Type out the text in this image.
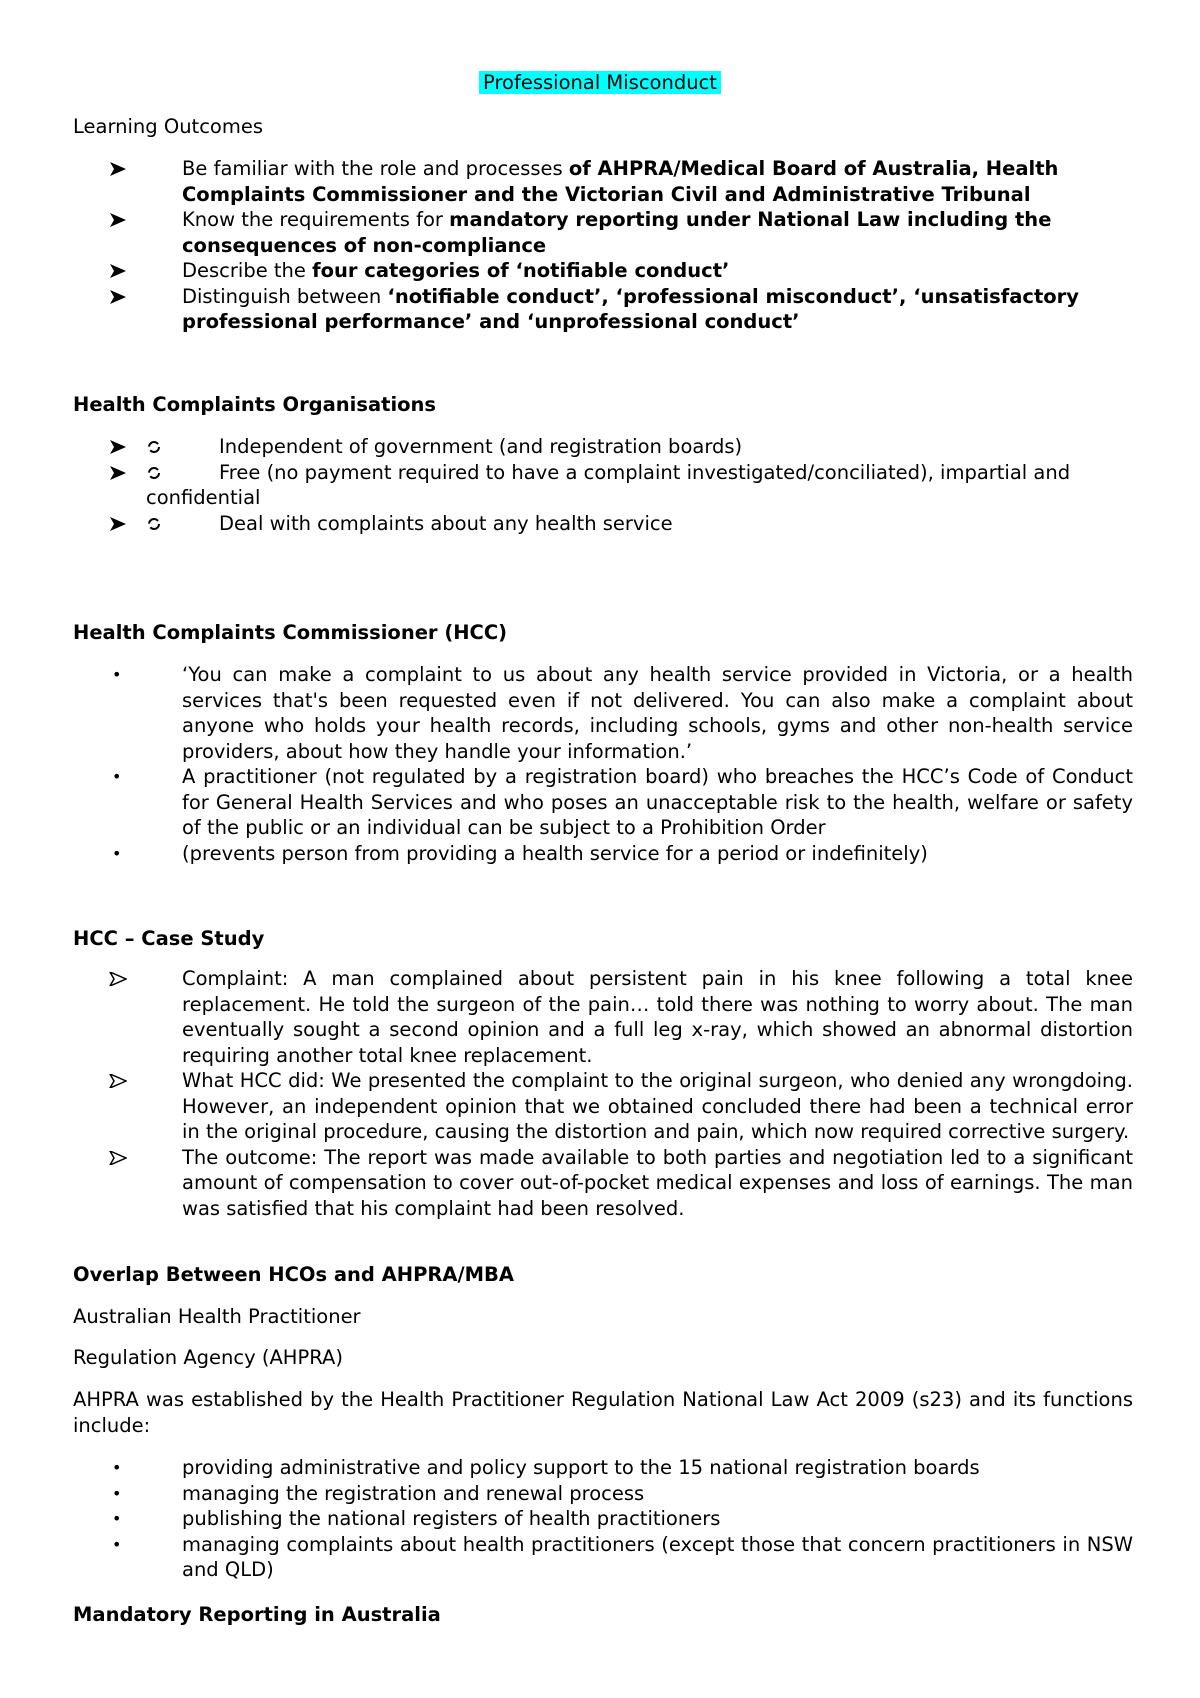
Professional Misconduct
Learning Outcomes
Be familiar with the role and processes of AHPRA/Medical Board of Australia, Health Complaints Commissioner and the Victorian Civil and Administrative Tribunal
Know the requirements for mandatory reporting under National Law including the consequences of non-compliance
Describe the four categories of ‘notifiable conduct’
Distinguish between ‘notifiable conduct’, ‘professional misconduct’, ‘unsatisfactory professional performance’ and ‘unprofessional conduct’
Health Complaints Organisations
Independent of government (and registration boards)
Free (no payment required to have a complaint investigated/conciliated), impartial and
confidential
Deal with complaints about any health service
Health Complaints Commissioner (HCC)
•	‘You can make a complaint to us about any health service provided in Victoria, or a health services that's been requested even if not delivered. You can also make a complaint about anyone who holds your health records, including schools, gyms and other non-health service providers, about how they handle your information.’
•	A practitioner (not regulated by a registration board) who breaches the HCC’s Code of Conduct for General Health Services and who poses an unacceptable risk to the health, welfare or safety of the public or an individual can be subject to a Prohibition Order
•	(prevents person from providing a health service for a period or indefinitely)
HCC – Case Study
Complaint: A man complained about persistent pain in his knee following a total knee replacement. He told the surgeon of the pain… told there was nothing to worry about. The man eventually sought a second opinion and a full leg x-ray, which showed an abnormal distortion requiring another total knee replacement.
What HCC did: We presented the complaint to the original surgeon, who denied any wrongdoing. However, an independent opinion that we obtained concluded there had been a technical error in the original procedure, causing the distortion and pain, which now required corrective surgery.
The outcome: The report was made available to both parties and negotiation led to a significant amount of compensation to cover out-of-pocket medical expenses and loss of earnings. The man was satisfied that his complaint had been resolved.
Overlap Between HCOs and AHPRA/MBA
Australian Health Practitioner
Regulation Agency (AHPRA)
AHPRA was established by the Health Practitioner Regulation National Law Act 2009 (s23) and its functions include:
•	providing administrative and policy support to the 15 national registration boards
•	managing the registration and renewal process
•	publishing the national registers of health practitioners
•	managing complaints about health practitioners (except those that concern practitioners in NSW and QLD)
Mandatory Reporting in Australia
